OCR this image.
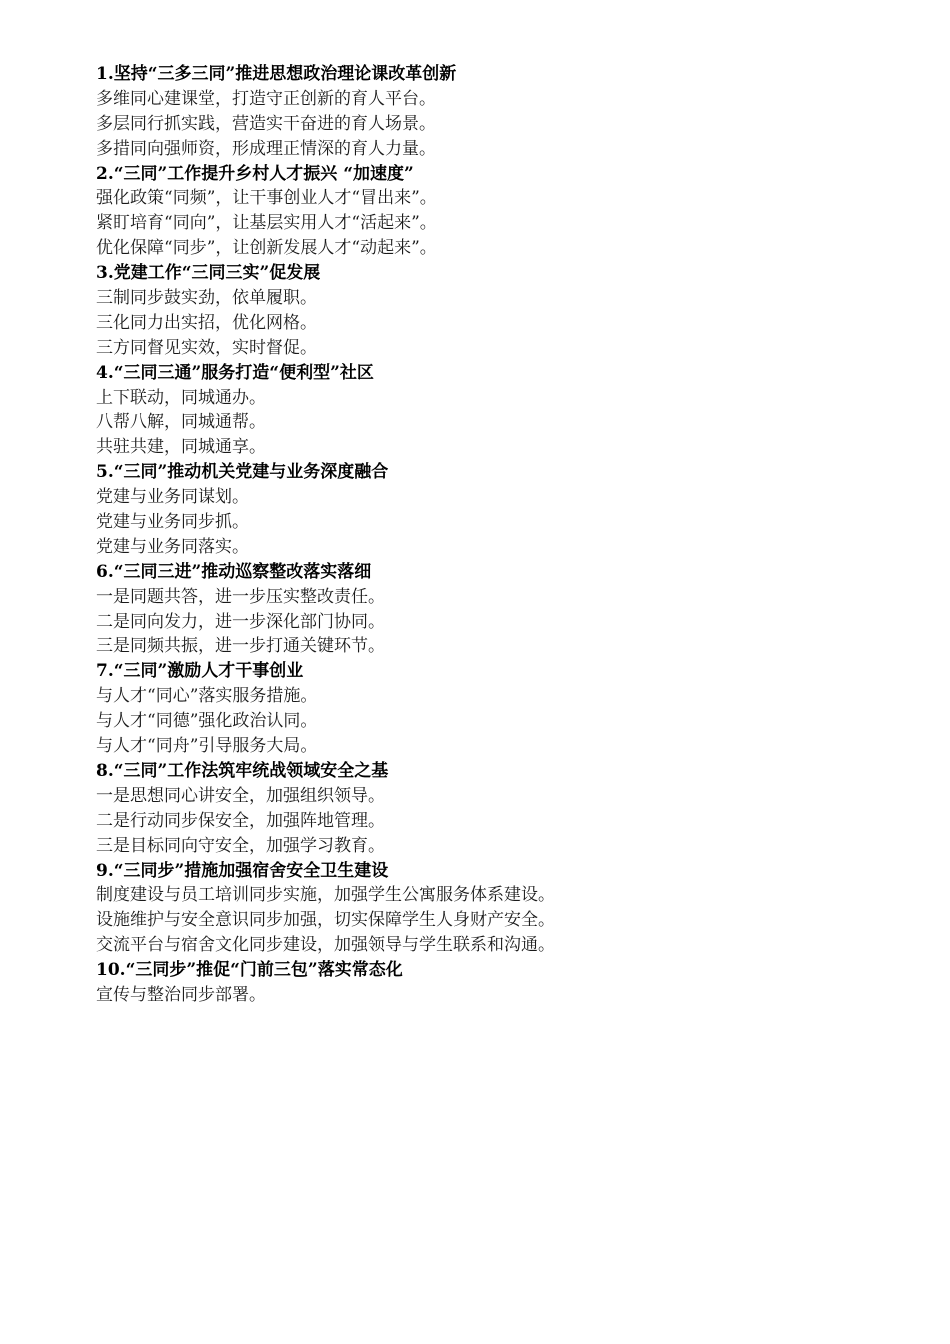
1.坚持“三多三同”推进思想政治理论课改革创新
多维同心建课堂，打造守正创新的育人平台。
多层同行抓实践，营造实干奋进的育人场景。
多措同向强师资，形成理正情深的育人力量。
2.“三同”工作提升乡村人才振兴 “加速度”
强化政策“同频”，让干事创业人才“冒出来”。
紧盯培育“同向”，让基层实用人才“活起来”。
优化保障“同步”，让创新发展人才“动起来”。
3.党建工作“三同三实”促发展
三制同步鼓实劲，依单履职。
三化同力出实招，优化网格。
三方同督见实效，实时督促。
4.“三同三通”服务打造“便利型”社区
上下联动，同城通办。
八帮八解，同城通帮。
共驻共建，同城通享。
5.“三同”推动机关党建与业务深度融合
党建与业务同谋划。
党建与业务同步抓。
党建与业务同落实。
6.“三同三进”推动巡察整改落实落细
一是同题共答，进一步压实整改责任。
二是同向发力，进一步深化部门协同。
三是同频共振，进一步打通关键环节。
7.“三同”激励人才干事创业
与人才“同心”落实服务措施。
与人才“同德”强化政治认同。
与人才“同舟”引导服务大局。
8.“三同”工作法筑牢统战领域安全之基
一是思想同心讲安全，加强组织领导。
二是行动同步保安全，加强阵地管理。
三是目标同向守安全，加强学习教育。
9.“三同步”措施加强宿舍安全卫生建设
制度建设与员工培训同步实施，加强学生公寓服务体系建设。
设施维护与安全意识同步加强，切实保障学生人身财产安全。
交流平台与宿舍文化同步建设，加强领导与学生联系和沟通。
10.“三同步”推促“门前三包”落实常态化
宣传与整治同步部署。
